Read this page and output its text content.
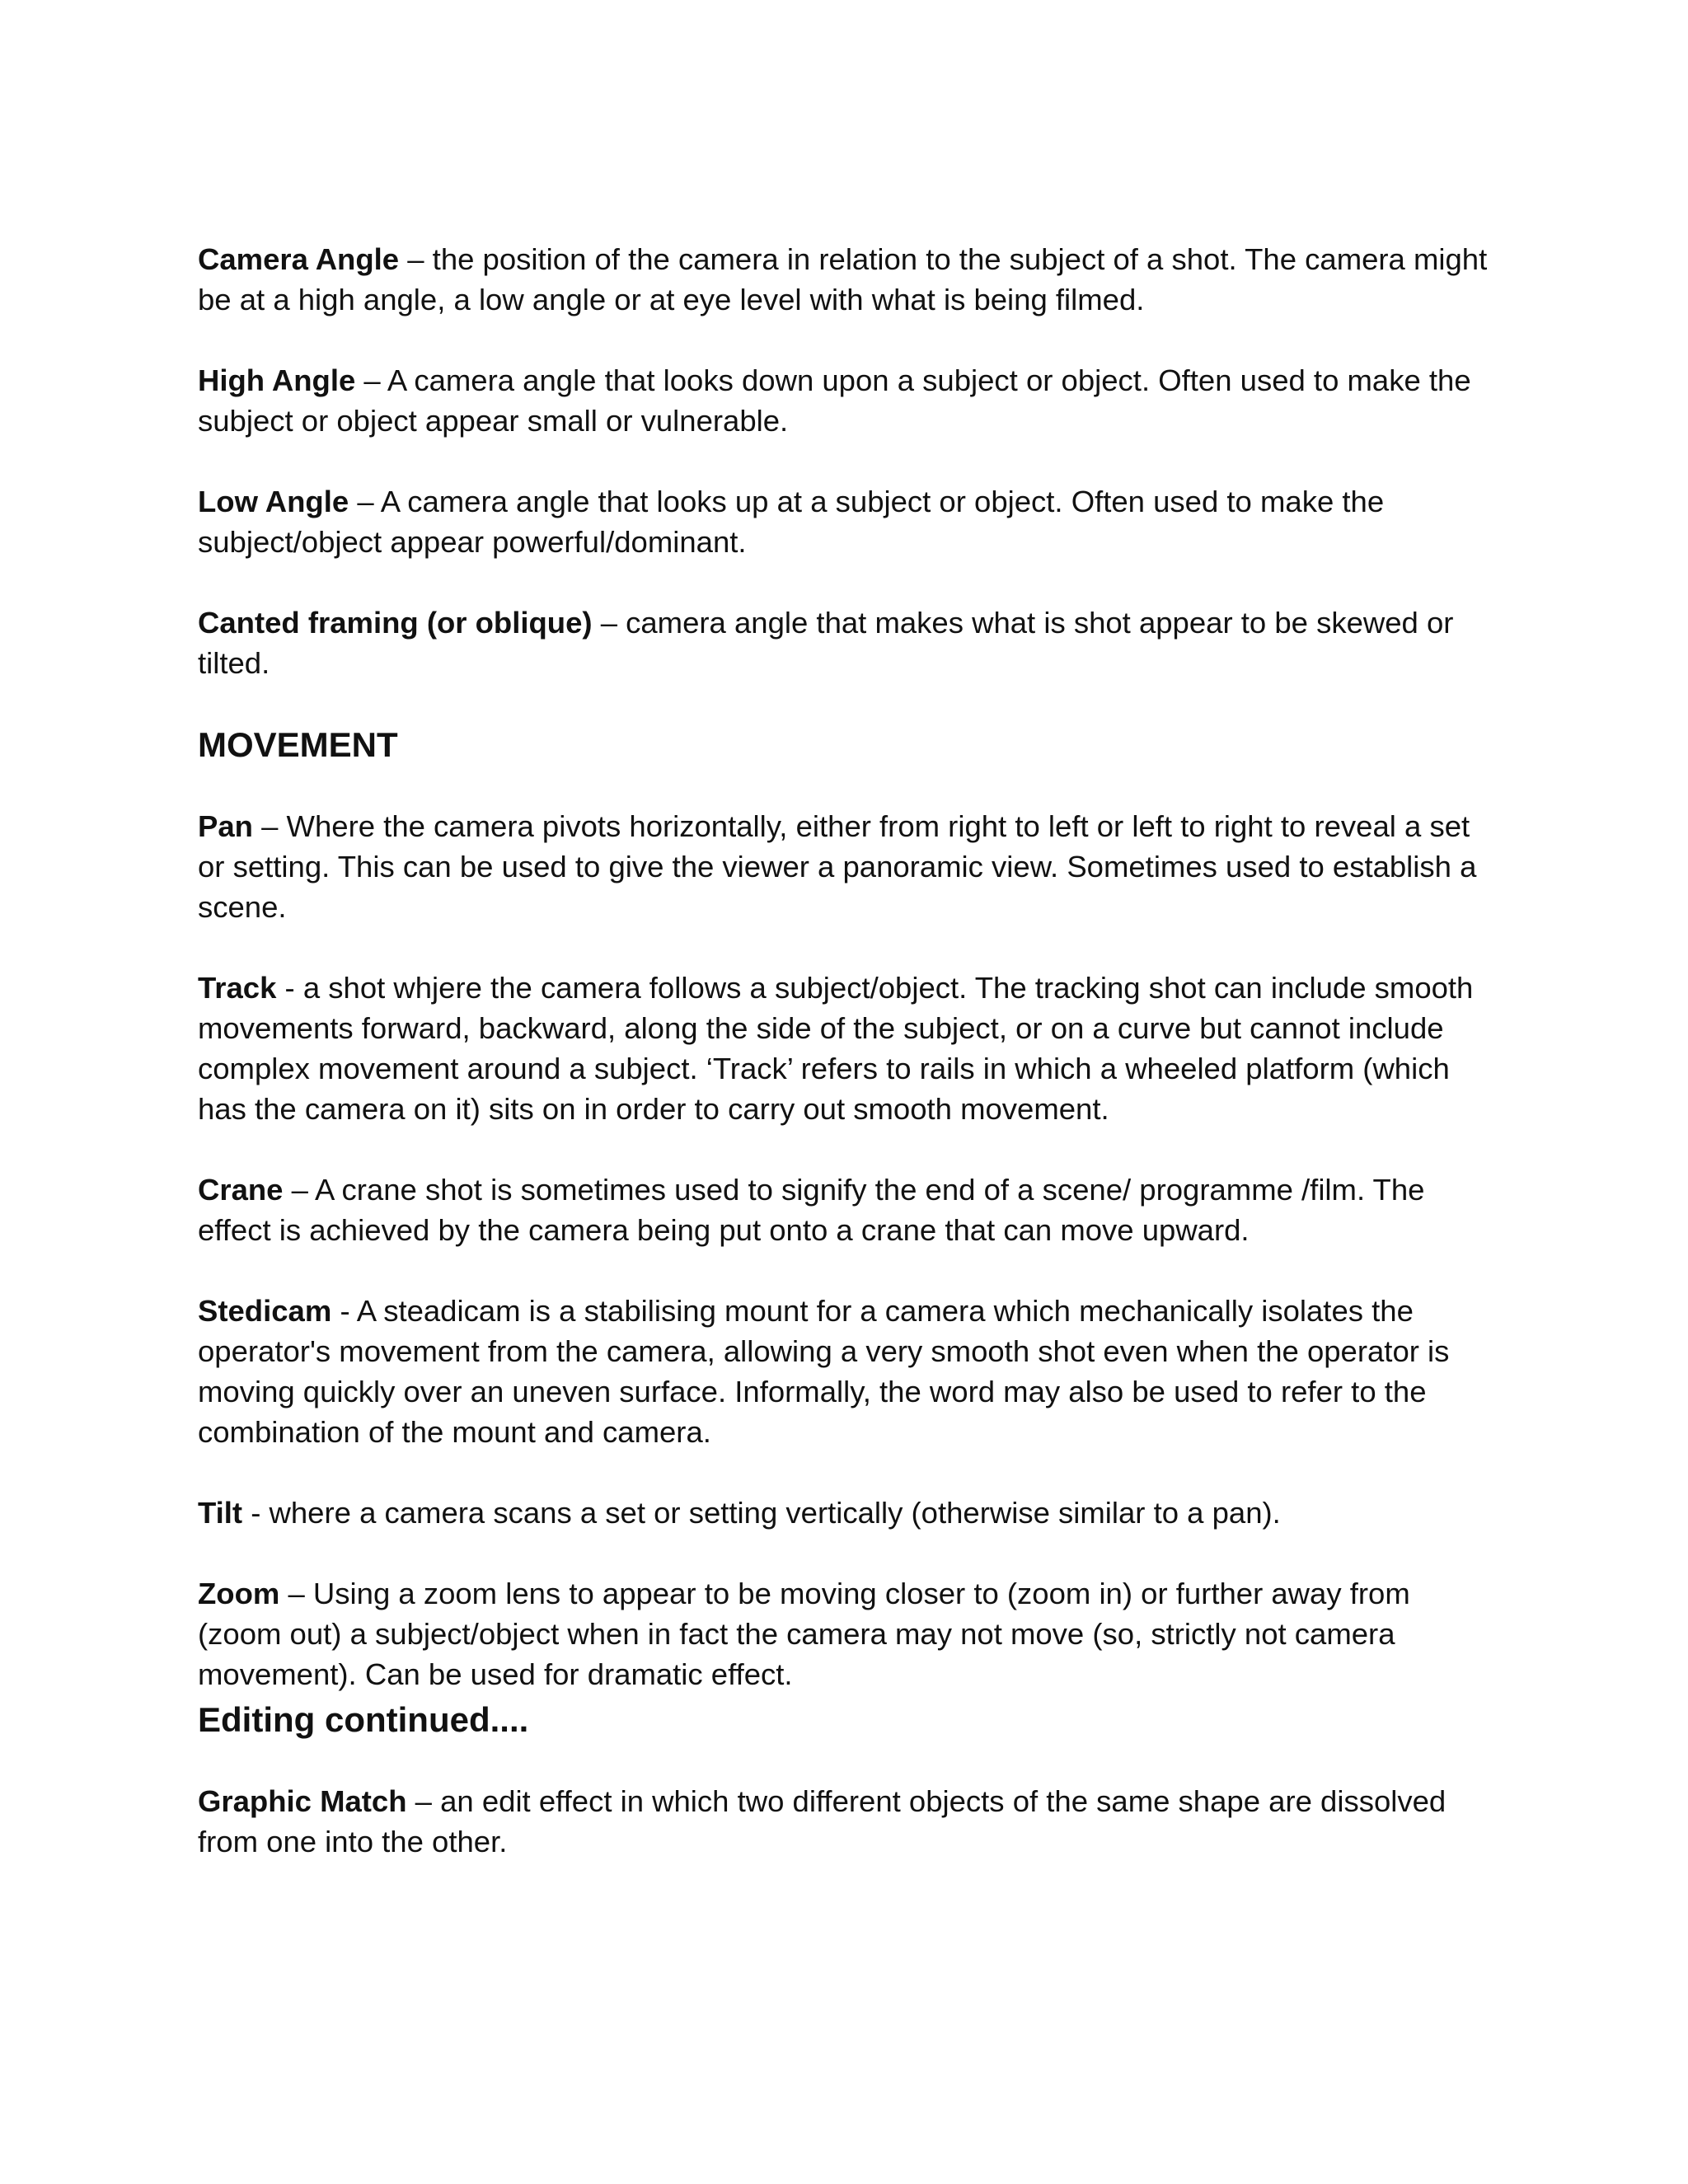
Camera Angle – the position of the camera in relation to the subject of a shot. The camera might be at a high angle, a low angle or at eye level with what is being filmed.

High Angle – A camera angle that looks down upon a subject or object. Often used to make the subject or object appear small or vulnerable.

Low Angle – A camera angle that looks up at a subject or object. Often used to make the subject/object appear powerful/dominant.

Canted framing (or oblique) – camera angle that makes what is shot appear to be skewed or tilted.

MOVEMENT

Pan – Where the camera pivots horizontally, either from right to left or left to right to reveal a set or setting. This can be used to give the viewer a panoramic view. Sometimes used to establish a scene.

Track - a shot whjere the camera follows a subject/object. The tracking shot can include smooth movements forward, backward, along the side of the subject, or on a curve but cannot include complex movement around a subject. ‘Track’ refers to rails in which a wheeled platform (which has the camera on it) sits on in order to carry out smooth movement.

Crane – A crane shot is sometimes used to signify the end of a scene/ programme /film. The effect is achieved by the camera being put onto a crane that can move upward.

Stedicam - A steadicam is a stabilising mount for a camera which mechanically isolates the operator's movement from the camera, allowing a very smooth shot even when the operator is moving quickly over an uneven surface. Informally, the word may also be used to refer to the combination of the mount and camera.

Tilt - where a camera scans a set or setting vertically (otherwise similar to a pan).

Zoom – Using a zoom lens to appear to be moving closer to (zoom in) or further away from (zoom out) a subject/object when in fact the camera may not move (so, strictly not camera movement). Can be used for dramatic effect.

Editing continued....

Graphic Match – an edit effect in which two different objects of the same shape are dissolved from one into the other.
